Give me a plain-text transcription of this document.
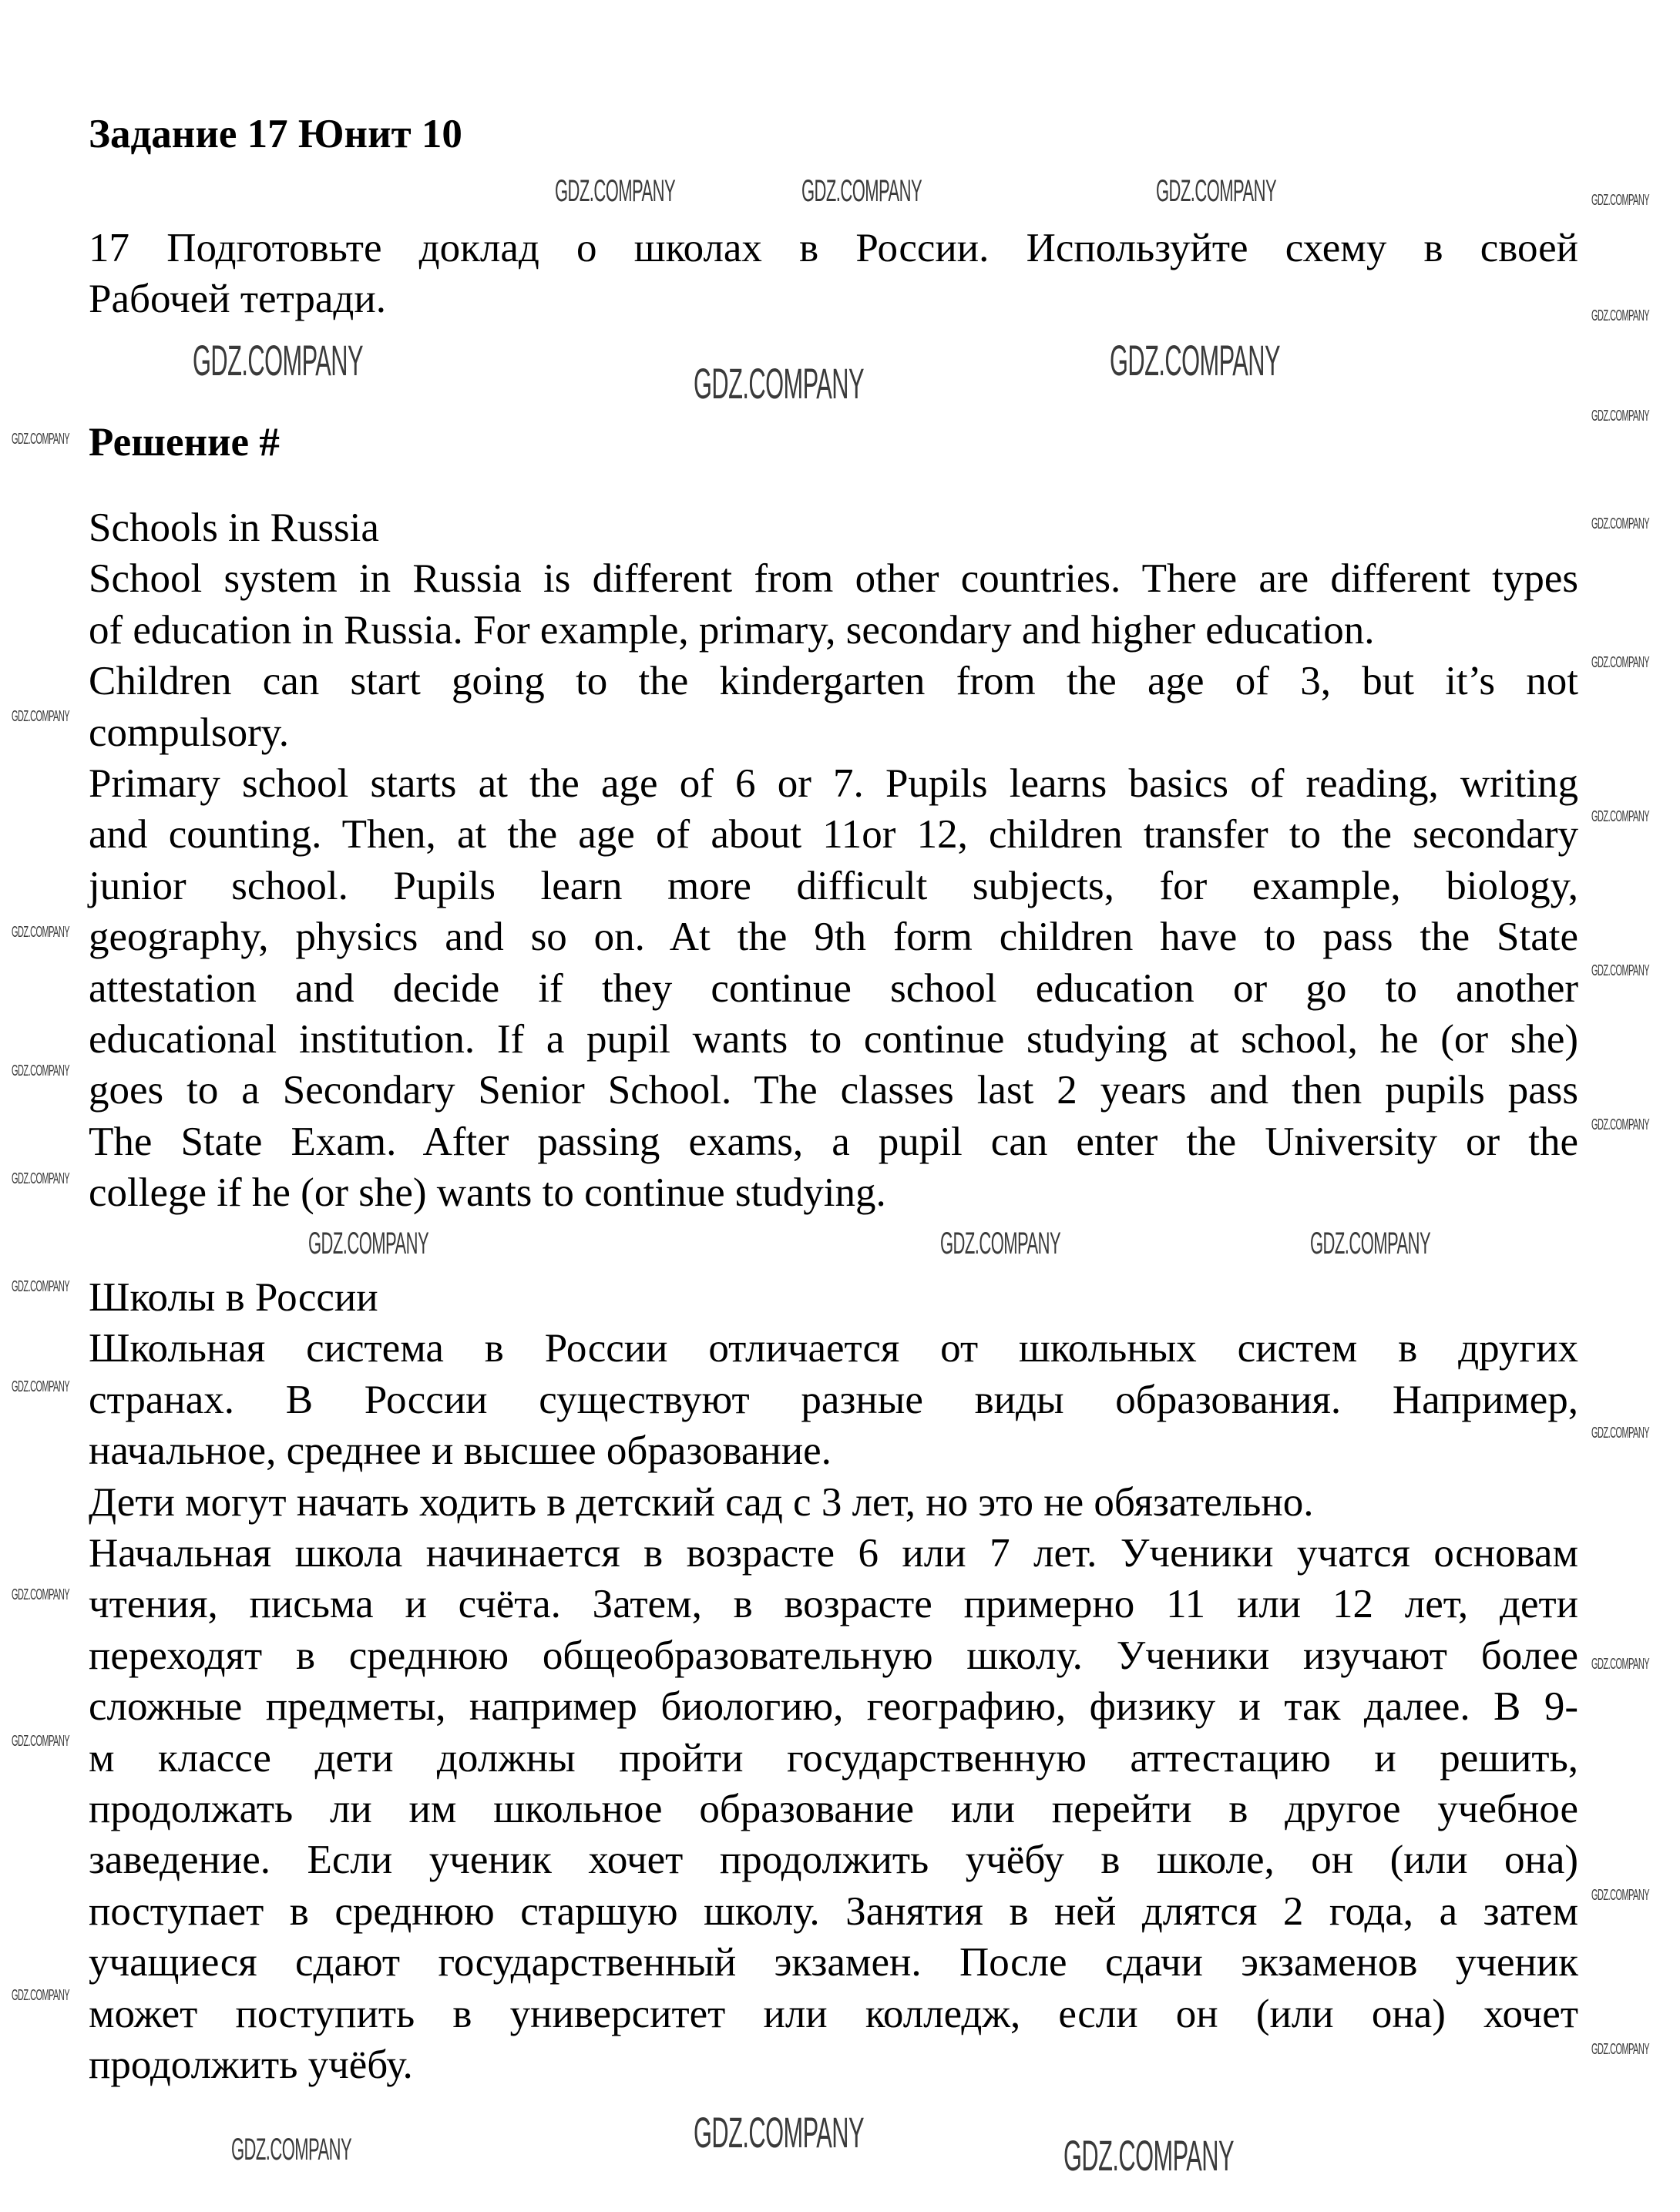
Задание 17 Юнит 10
17 Подготовьте доклад о школах в России. Используйте схему в своей
Рабочей тетради.
Решение #
Schools in Russia
School system in Russia is different from other countries. There are different types
of education in Russia. For example, primary, secondary and higher education.
Children can start going to the kindergarten from the age of 3, but it’s not
compulsory.
Primary school starts at the age of 6 or 7. Pupils learns basics of reading, writing
and counting. Then, at the age of about 11or 12, children transfer to the secondary
junior school. Pupils learn more difficult subjects, for example, biology,
geography, physics and so on. At the 9th form children have to pass the State
attestation and decide if they continue school education or go to another
educational institution. If a pupil wants to continue studying at school, he (or she)
goes to a Secondary Senior School. The classes last 2 years and then pupils pass
The State Exam. After passing exams, a pupil can enter the University or the
college if he (or she) wants to continue studying.
Школы в России
Школьная система в России отличается от школьных систем в других
странах. В России существуют разные виды образования. Например,
начальное, среднее и высшее образование.
Дети могут начать ходить в детский сад с 3 лет, но это не обязательно.
Начальная школа начинается в возрасте 6 или 7 лет. Ученики учатся основам
чтения, письма и счёта. Затем, в возрасте примерно 11 или 12 лет, дети
переходят в среднюю общеобразовательную школу. Ученики изучают более
сложные предметы, например биологию, географию, физику и так далее. В 9-
м классе дети должны пройти государственную аттестацию и решить,
продолжать ли им школьное образование или перейти в другое учебное
заведение. Если ученик хочет продолжить учёбу в школе, он (или она)
поступает в среднюю старшую школу. Занятия в ней длятся 2 года, а затем
учащиеся сдают государственный экзамен. После сдачи экзаменов ученик
может поступить в университет или колледж, если он (или она) хочет
продолжить учёбу.
GDZ.COMPANY	GDZ.COMPANY	GDZ.COMPANY
GDZ.COMPANY	GDZ.COMPANY	GDZ.COMPANY
GDZ.COMPANY	GDZ.COMPANY	GDZ.COMPANY
GDZ.COMPANY	GDZ.COMPANY
GDZ.COMPANY
GDZ.COMPANY
GDZ.COMPANY
GDZ.COMPANY
GDZ.COMPANY
GDZ.COMPANY
GDZ.COMPANY
GDZ.COMPANY
GDZ.COMPANY
GDZ.COMPANY
GDZ.COMPANY
GDZ.COMPANY
GDZ.COMPANY
GDZ.COMPANY
GDZ.COMPANY
GDZ.COMPANY
GDZ.COMPANY
GDZ.COMPANY
GDZ.COMPANY
GDZ.COMPANY
GDZ.COMPANY
GDZ.COMPANY
GDZ.COMPANY
